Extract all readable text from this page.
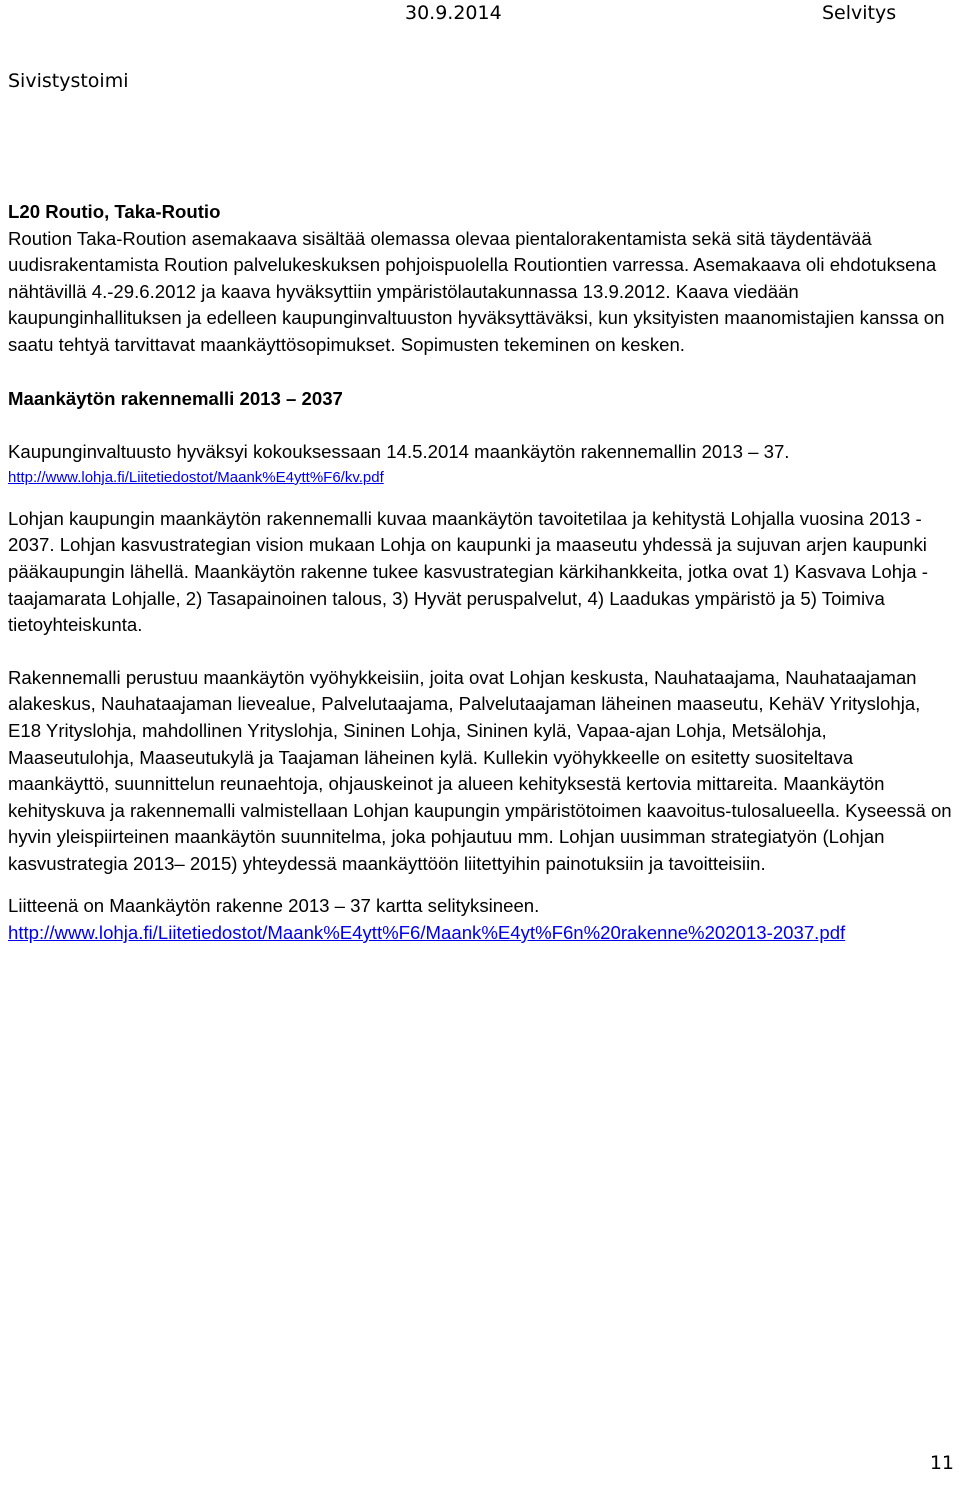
30.9.2014	Selvitys
Sivistystoimi

L20 Routio, Taka-Routio

Roution Taka-Roution asemakaava sisältää olemassa olevaa pientalorakentamista sekä sitä täydentävää uudisrakentamista Roution palvelukeskuksen pohjoispuolella Routiontien varressa. Asemakaava oli ehdotuksena nähtävillä 4.-29.6.2012 ja kaava hyväksyttiin ympäristölautakunnassa 13.9.2012. Kaava viedään kaupunginhallituksen ja edelleen kaupunginvaltuuston hyväksyttäväksi, kun yksityisten maanomistajien kanssa on saatu tehtyä tarvittavat maankäyttösopimukset. Sopimusten tekeminen on kesken.

Maankäytön rakennemalli 2013 – 2037

Kaupunginvaltuusto hyväksyi kokouksessaan 14.5.2014 maankäytön rakennemallin 2013 – 37.

http://www.lohja.fi/Liitetiedostot/Maank%E4ytt%F6/kv.pdf

Lohjan kaupungin maankäytön rakennemalli kuvaa maankäytön tavoitetilaa ja kehitystä Lohjalla vuosina 2013 - 2037. Lohjan kasvustrategian vision mukaan Lohja on kaupunki ja maaseutu yhdessä ja sujuvan arjen kaupunki pääkaupungin lähellä. Maankäytön rakenne tukee kasvustrategian kärkihankkeita, jotka ovat 1) Kasvava Lohja - taajamarata Lohjalle, 2) Tasapainoinen talous, 3) Hyvät peruspalvelut, 4) Laadukas ympäristö ja 5) Toimiva tietoyhteiskunta.

Rakennemalli perustuu maankäytön vyöhykkeisiin, joita ovat Lohjan keskusta, Nauhataajama, Nauhataajaman alakeskus, Nauhataajaman lievealue, Palvelutaajama, Palvelutaajaman läheinen maaseutu, KehäV Yrityslohja, E18 Yrityslohja, mahdollinen Yrityslohja, Sininen Lohja, Sininen kylä, Vapaa-ajan Lohja, Metsälohja, Maaseutulohja, Maaseutukylä ja Taajaman läheinen kylä. Kullekin vyöhykkeelle on esitetty suositeltava maankäyttö, suunnittelun reunaehtoja, ohjauskeinot ja alueen kehityksestä kertovia mittareita. Maankäytön kehityskuva ja rakennemalli valmistellaan Lohjan kaupungin ympäristötoimen kaavoitus-tulosalueella. Kyseessä on hyvin yleispiirteinen maankäytön suunnitelma, joka pohjautuu mm. Lohjan uusimman strategiatyön (Lohjan kasvustrategia 2013– 2015) yhteydessä maankäyttöön liitettyihin painotuksiin ja tavoitteisiin.

Liitteenä on Maankäytön rakenne 2013 – 37 kartta selityksineen.

http://www.lohja.fi/Liitetiedostot/Maank%E4ytt%F6/Maank%E4yt%F6n%20rakenne%202013-2037.pdf

11
